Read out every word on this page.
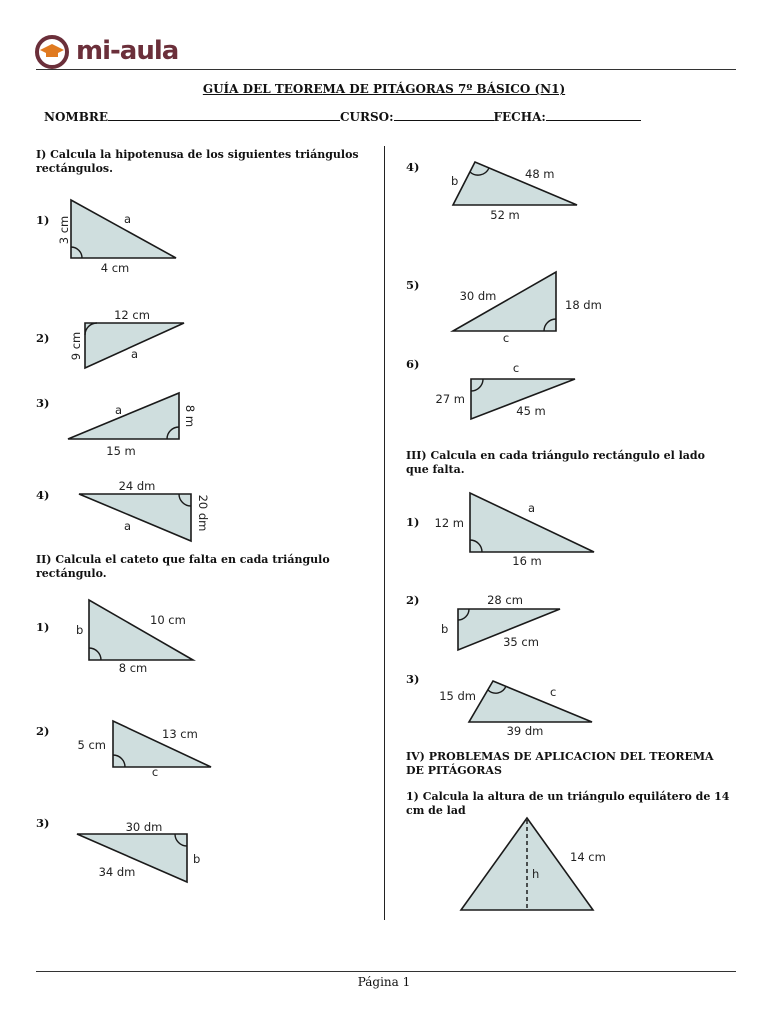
mi-aula
GUÍA DEL TEOREMA DE PITÁGORAS 7º BÁSICO (N1)
NOMBRE	CURSO:	FECHA:
I) Calcula la hipotenusa de los siguientes triángulos rectángulos.
II) Calcula el cateto que falta en cada triángulo rectángulo.
III) Calcula en cada triángulo rectángulo el lado que falta.
IV) PROBLEMAS DE APLICACION DEL TEOREMA DE PITÁGORAS
1) Calcula la altura de un triángulo equilátero de 14 cm de lad
1)
2)
3)
4)
1)
2)
3)
4)
5)
6)
1)
2)
3)
a
3 cm
4 cm
12 cm
9 cm	a
a	8 m
15 m
24 dm
20 dm
a
b
10 cm
8 cm
5 cm
13 cm
c
30 dm
b
34 dm
b	48 m
52 m
30 dm
18 dm
c
c
27 m
45 m
12 m
a
16 m
28 cm
b
35 cm
15 dm	c
39 dm
h
14 cm
Página 1
